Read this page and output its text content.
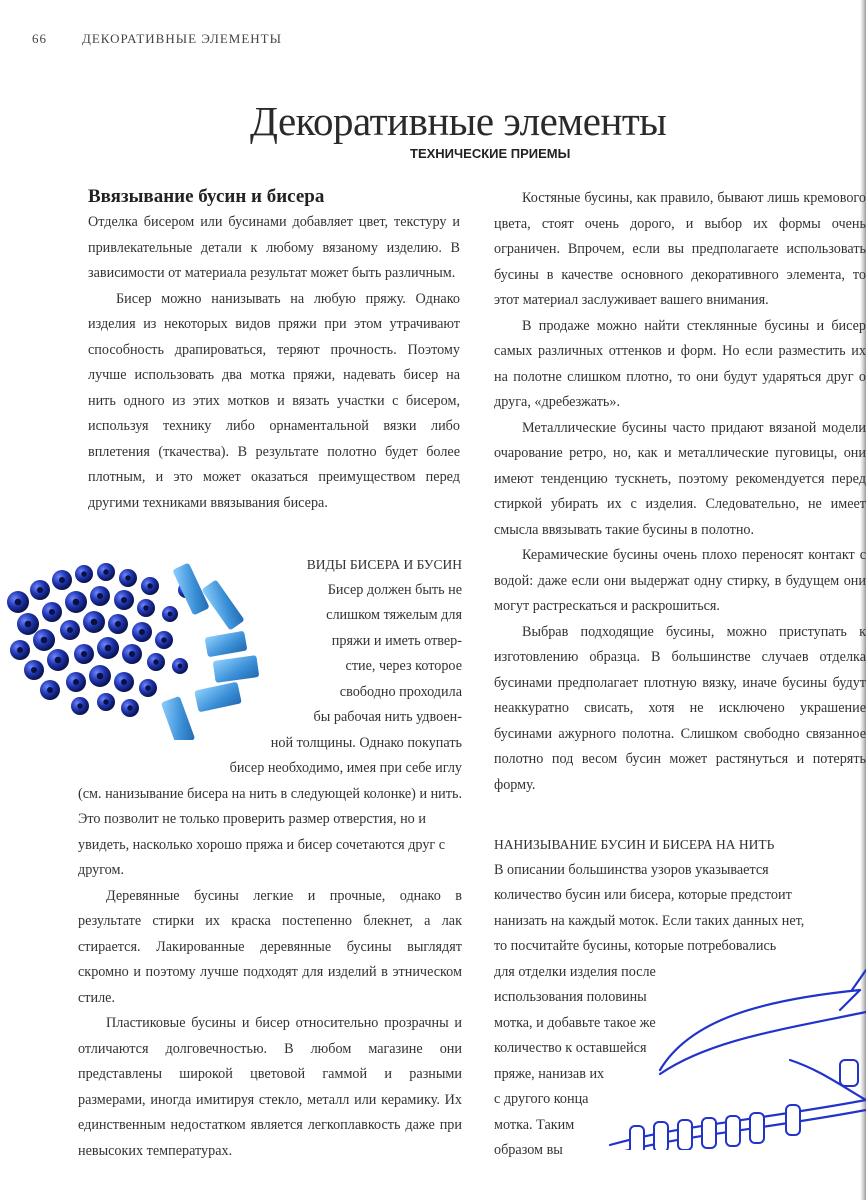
66	ДЕКОРАТИВНЫЕ ЭЛЕМЕНТЫ
Декоративные элементы
ТЕХНИЧЕСКИЕ ПРИЕМЫ

Ввязывание бусин и бисера

Отделка бисером или бусинами добавляет цвет, текстуру и привлекательные детали к любому вязаному изделию. В зависимости от материала результат может быть различным.

Бисер можно нанизывать на любую пряжу. Однако изделия из некоторых видов пряжи при этом утрачивают способность драпироваться, теряют прочность. Поэтому лучше использовать два мотка пряжи, надевать бисер на нить одного из этих мотков и вязать участки с бисером, используя технику либо орнаментальной вязки либо вплетения (ткачества). В результате полотно будет более плотным, и это может оказаться преимуществом перед другими техниками ввязывания бисера.

ВИДЫ БИСЕРА И БУСИН
Бисер должен быть не
слишком тяжелым для
пряжи и иметь отвер-
стие, через которое
свободно проходила
бы рабочая нить удвоен-
ной толщины. Однако покупать
бисер необходимо, имея при себе иглу

(см. нанизывание бисера на нить в следующей колонке) и нить. Это позволит не только проверить размер отверстия, но и увидеть, насколько хорошо пряжа и бисер сочетаются друг с другом.

Деревянные бусины легкие и прочные, однако в результате стирки их краска постепенно блекнет, а лак стирается. Лакированные деревянные бусины выглядят скромно и поэтому лучше подходят для изделий в этническом стиле.

Пластиковые бусины и бисер относительно прозрачны и отличаются долговечностью. В любом магазине они представлены широкой цветовой гаммой и разными размерами, иногда имитируя стекло, металл или керамику. Их единственным недостатком является легкоплавкость даже при невысоких температурах.

Костяные бусины, как правило, бывают лишь кремового цвета, стоят очень дорого, и выбор их формы очень ограничен. Впрочем, если вы предполагаете использовать бусины в качестве основного декоративного элемента, то этот материал заслуживает вашего внимания.

В продаже можно найти стеклянные бусины и бисер самых различных оттенков и форм. Но если разместить их на полотне слишком плотно, то они будут ударяться друг о друга, «дребезжать».

Металлические бусины часто придают вязаной модели очарование ретро, но, как и металлические пуговицы, они имеют тенденцию тускнеть, поэтому рекомендуется перед стиркой убирать их с изделия. Следовательно, не имеет смысла ввязывать такие бусины в полотно.

Керамические бусины очень плохо переносят контакт с водой: даже если они выдержат одну стирку, в будущем они могут растрескаться и раскрошиться.

Выбрав подходящие бусины, можно приступать к изготовлению образца. В большинстве случаев отделка бусинами предполагает плотную вязку, иначе бусины будут неаккуратно свисать, хотя не исключено украшение бусинами ажурного полотна. Слишком свободно связанное полотно под весом бусин может растянуться и потерять форму.

НАНИЗЫВАНИЕ БУСИН И БИСЕРА НА НИТЬ

В описании большинства узоров указывается
количество бусин или бисера, которые предстоит
нанизать на каждый моток. Если таких данных нет,
то посчитайте бусины, которые потребовались
для отделки изделия после
использования половины
мотка, и добавьте такое же
количество к оставшейся
пряже, нанизав их
с другого конца
мотка. Таким
образом вы
